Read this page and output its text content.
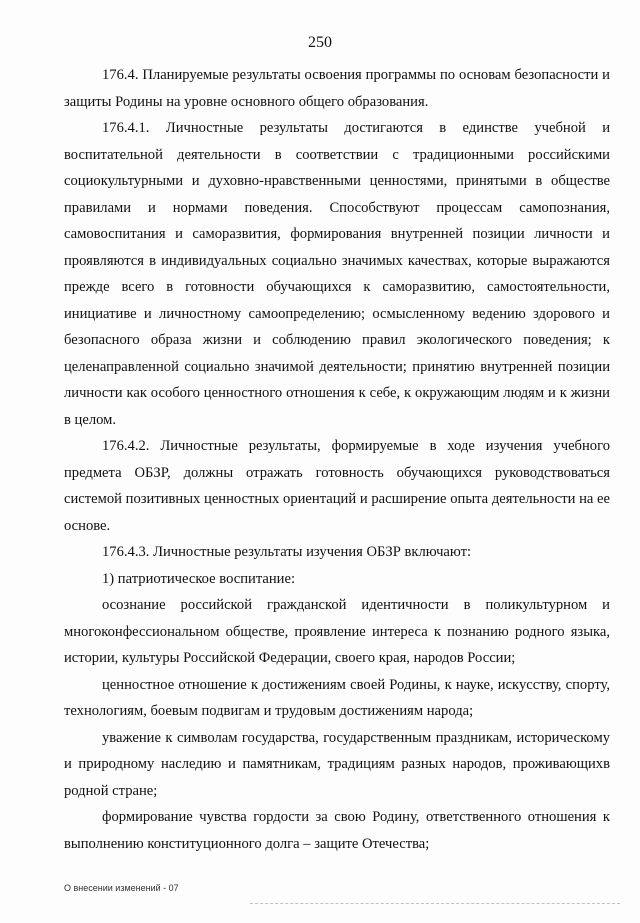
250

176.4. Планируемые результаты освоения программы по основам безопасности и защиты Родины на уровне основного общего образования.

176.4.1. Личностные результаты достигаются в единстве учебной и воспитательной деятельности в соответствии с традиционными российскими социокультурными и духовно-нравственными ценностями, принятыми в обществе правилами и нормами поведения. Способствуют процессам самопознания, самовоспитания и саморазвития, формирования внутренней позиции личности и проявляются в индивидуальных социально значимых качествах, которые выражаются прежде всего в готовности обучающихся к саморазвитию, самостоятельности, инициативе и личностному самоопределению; осмысленному ведению здорового и безопасного образа жизни и соблюдению правил экологического поведения; к целенаправленной социально значимой деятельности; принятию внутренней позиции личности как особого ценностного отношения к себе, к окружающим людям и к жизни в целом.

176.4.2. Личностные результаты, формируемые в ходе изучения учебного предмета ОБЗР, должны отражать готовность обучающихся руководствоваться системой позитивных ценностных ориентаций и расширение опыта деятельности на ее основе.

176.4.3. Личностные результаты изучения ОБЗР включают:

1) патриотическое воспитание:

осознание российской гражданской идентичности в поликультурном и многоконфессиональном обществе, проявление интереса к познанию родного языка, истории, культуры Российской Федерации, своего края, народов России;

ценностное отношение к достижениям своей Родины, к науке, искусству, спорту, технологиям, боевым подвигам и трудовым достижениям народа;

уважение к символам государства, государственным праздникам, историческому и природному наследию и памятникам, традициям разных народов, проживающихв родной стране;

формирование чувства гордости за свою Родину, ответственного отношения к выполнению конституционного долга – защите Отечества;

О внесении изменений - 07
